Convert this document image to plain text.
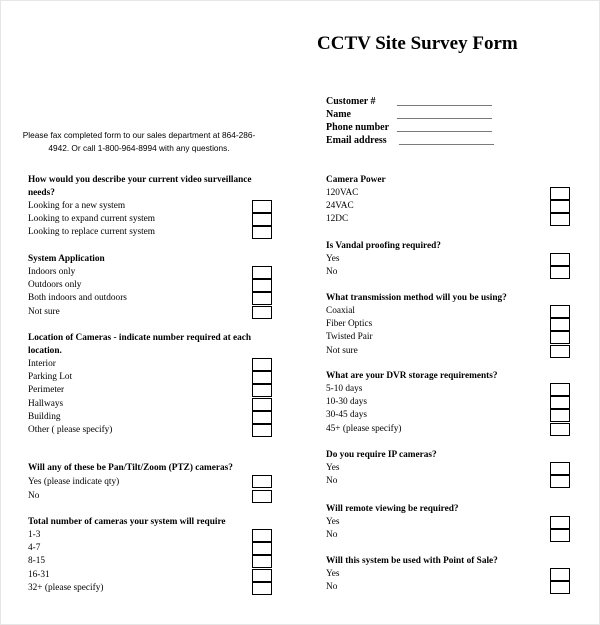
CCTV Site Survey Form
Customer # ___________________
Name	___________________
Phone number ___________________
Email address ___________________
Please fax completed form to our sales department at 864-286-4942. Or call 1-800-964-8994 with any questions.
How would you describe your current video surveillance needs?
Looking for a new system
Looking to expand current system
Looking to replace current system
System Application
Indoors only
Outdoors only
Both indoors and outdoors
Not sure
Location of Cameras - indicate number required at each location.
Interior
Parking Lot
Perimeter
Hallways
Building
Other ( please specify)
Will any of these be Pan/Tilt/Zoom (PTZ) cameras?
Yes (please indicate qty)
No
Total number of cameras your system will require
1-3
4-7
8-15
16-31
32+ (please specify)
Camera Power
120VAC
24VAC
12DC
Is Vandal proofing required?
Yes
No
What transmission method will you be using?
Coaxial
Fiber Optics
Twisted Pair
Not sure
What are your DVR storage requirements?
5-10 days
10-30 days
30-45 days
45+ (please specify)
Do you require IP cameras?
Yes
No
Will remote viewing be required?
Yes
No
Will this system be used with Point of Sale?
Yes
No
